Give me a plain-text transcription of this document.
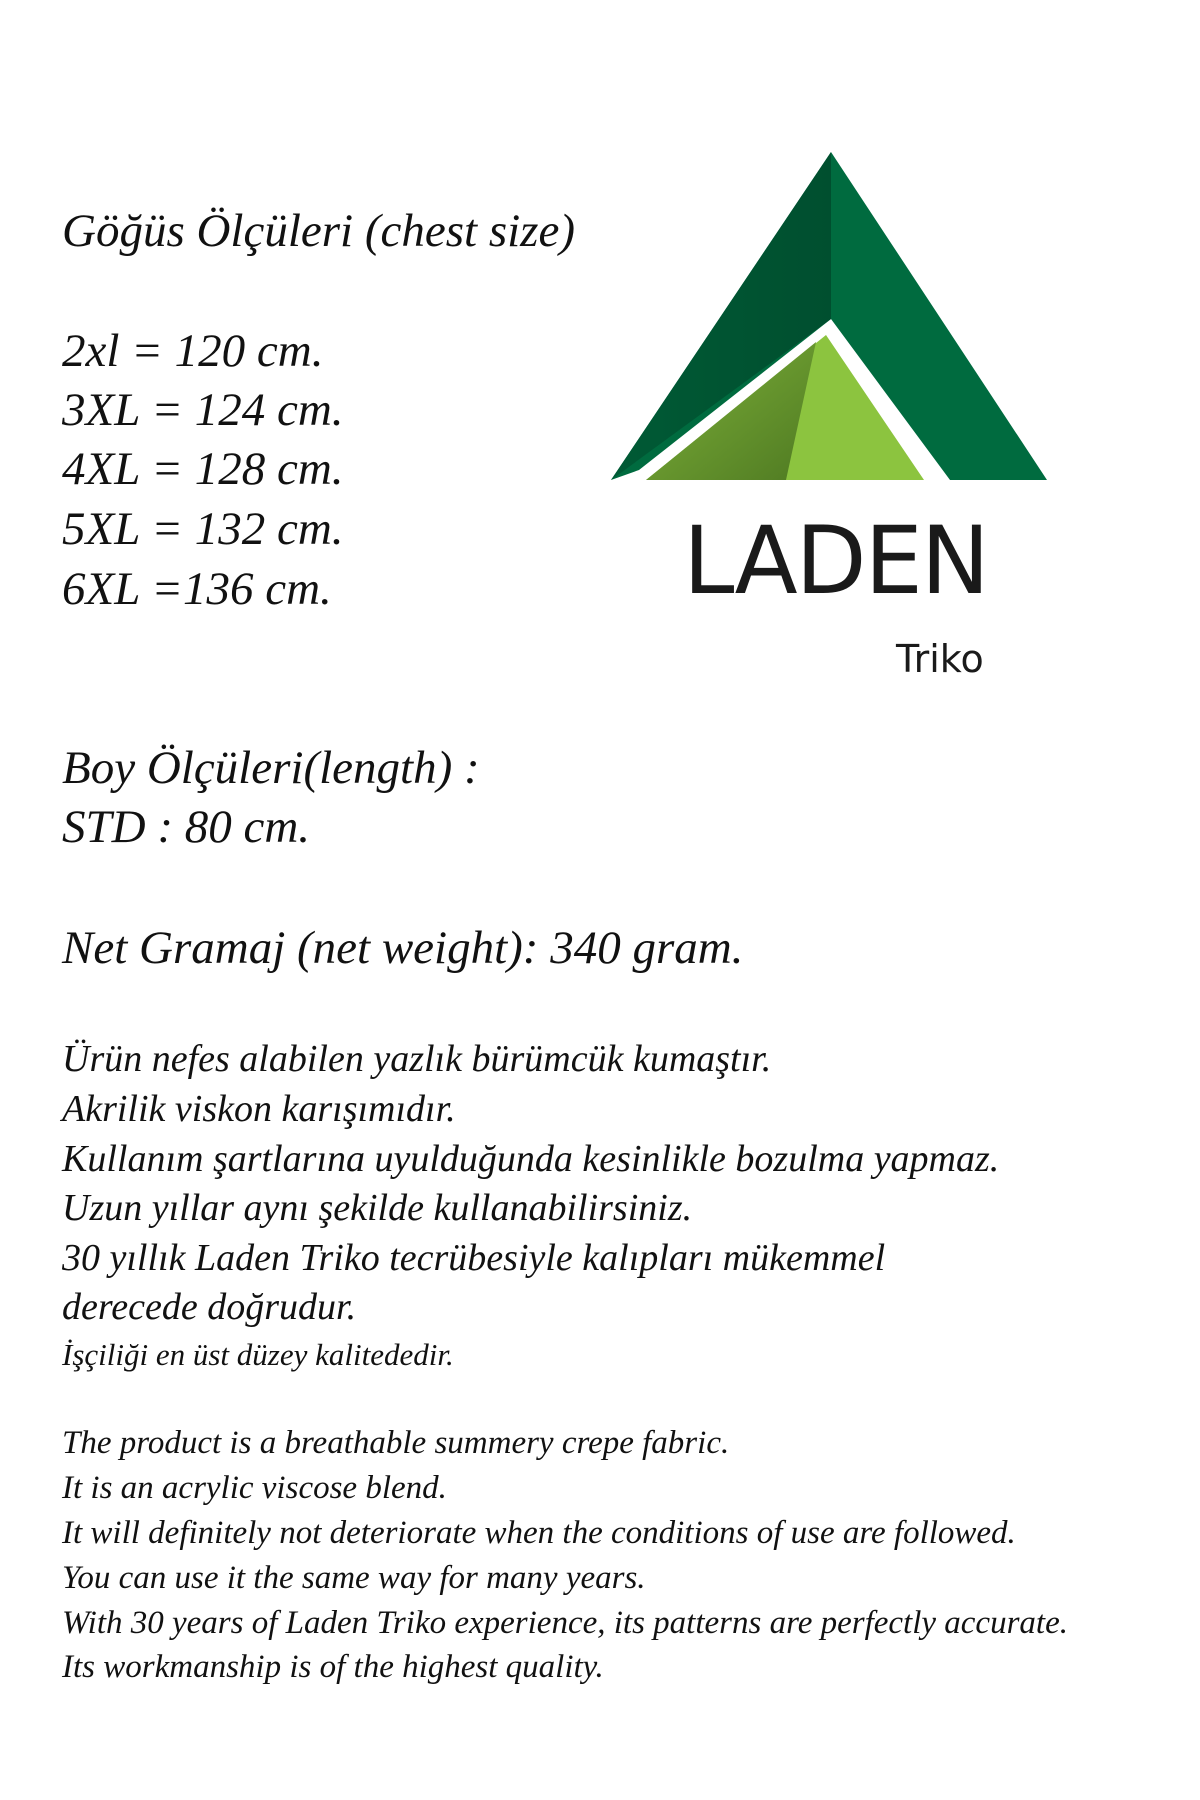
Göğüs Ölçüleri (chest size)
2xl = 120 cm.
3XL = 124 cm.
4XL = 128 cm.
5XL = 132 cm.
6XL =136 cm.	LADEN
Triko
Boy Ölçüleri(length) :
STD : 80 cm.
Net Gramaj (net weight): 340 gram.
Ürün nefes alabilen yazlık bürümcük kumaştır.
Akrilik viskon karışımıdır.
Kullanım şartlarına uyulduğunda kesinlikle bozulma yapmaz.
Uzun yıllar aynı şekilde kullanabilirsiniz.
30 yıllık Laden Triko tecrübesiyle kalıpları mükemmel
derecede doğrudur.
İşçiliği en üst düzey kalitededir.
The product is a breathable summery crepe fabric.
It is an acrylic viscose blend.
It will definitely not deteriorate when the conditions of use are followed.
You can use it the same way for many years.
With 30 years of Laden Triko experience, its patterns are perfectly accurate.
Its workmanship is of the highest quality.
